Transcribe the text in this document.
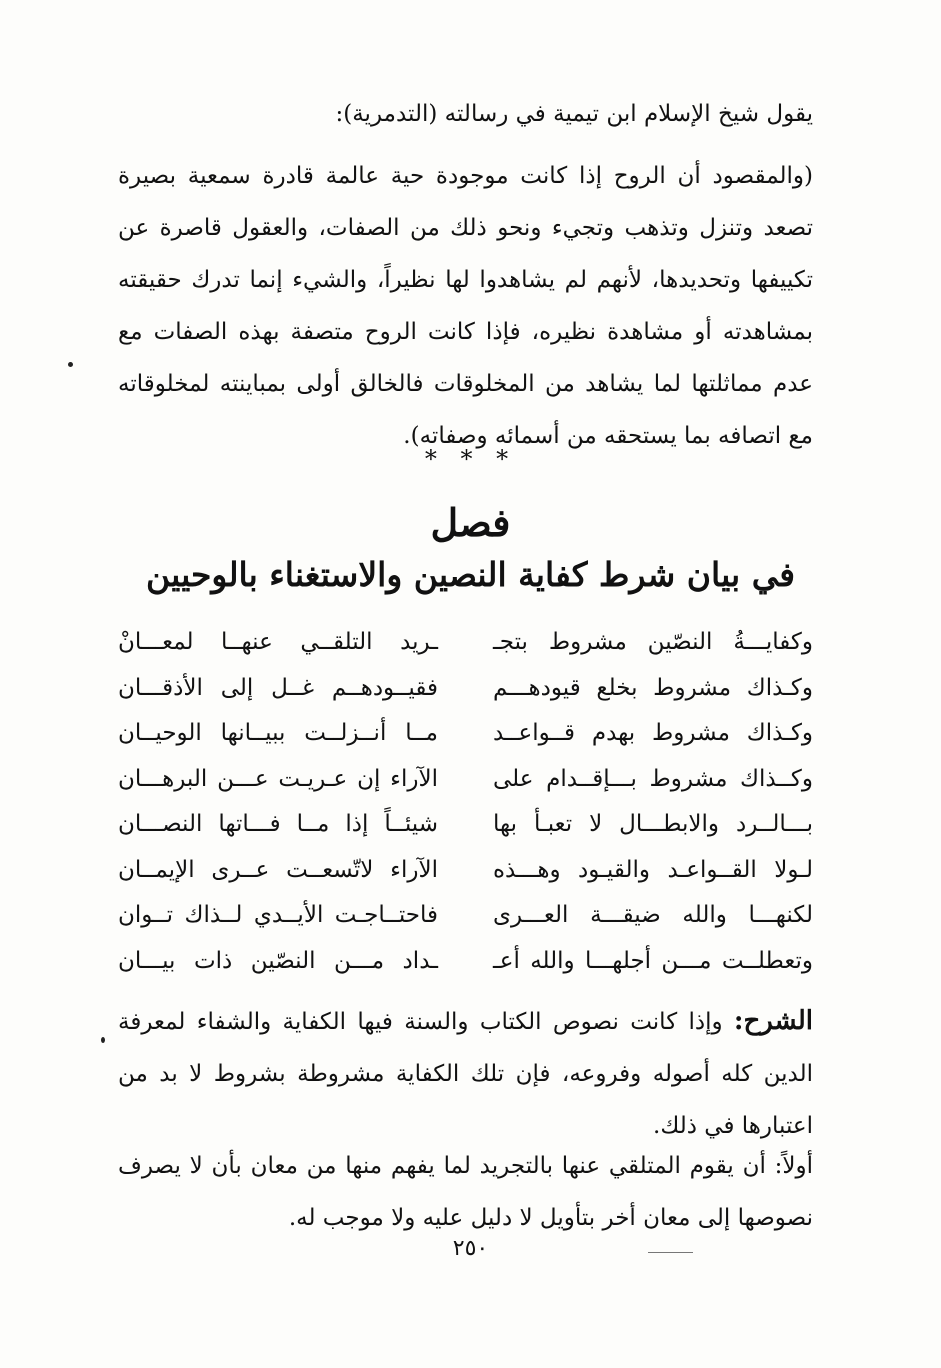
يقول شيخ الإسلام ابن تيمية في رسالته (التدمرية):

(والمقصود أن الروح إذا كانت موجودة حية عالمة قادرة سمعية بصيرة تصعد وتنزل وتذهب وتجيء ونحو ذلك من الصفات، والعقول قاصرة عن تكييفها وتحديدها، لأنهم لم يشاهدوا لها نظيراً، والشيء إنما تدرك حقيقته بمشاهدته أو مشاهدة نظيره، فإذا كانت الروح متصفة بهذه الصفات مع عدم مماثلتها لما يشاهد من المخلوقات فالخالق أولى بمباينته لمخلوقاته مع اتصافه بما يستحقه من أسمائه وصفاته).

* * *
فصل
في بيان شرط كفاية النصين والاستغناء بالوحيين
وكفايـــةُ النصّين مشروط بتجـ
ـريد التلقــي عنهــا لمعـــانْ
وكـذاك مشروط بخلع قيودهـــم
فقيــودهــم غــل إلى الأذقـــان
وكـذاك مشروط بهدم قــواعــد
مــا أنــزلــت ببيــانها الوحيــان
وكــذاك مشروط بـــإقــدام على
الآراء إن عـريـت عـــن البرهـــان
بـــالــرد والابطـــال لا تعبـأ بها
شيئــاً إذا مــا فـــاتها النصـــان
لـولا القــواعـد والقيـود وهـــذه
الآراء لاتّسعــت عــرى الإيمــان
لكنهـــا والله ضيقـــة العـــرى
فاحتــاجـت الأيــدي لــذاك تــوان
وتعطلــت مـــن أجلهـــا والله أعـ
ـداد مـــن النصّين ذات بيـــان

الشرح: وإذا كانت نصوص الكتاب والسنة فيها الكفاية والشفاء لمعرفة الدين كله أصوله وفروعه، فإن تلك الكفاية مشروطة بشروط لا بد من اعتبارها في ذلك.

أولاً: أن يقوم المتلقي عنها بالتجريد لما يفهم منها من معان بأن لا يصرف نصوصها إلى معان أخر بتأويل لا دليل عليه ولا موجب له.

٢٥٠
